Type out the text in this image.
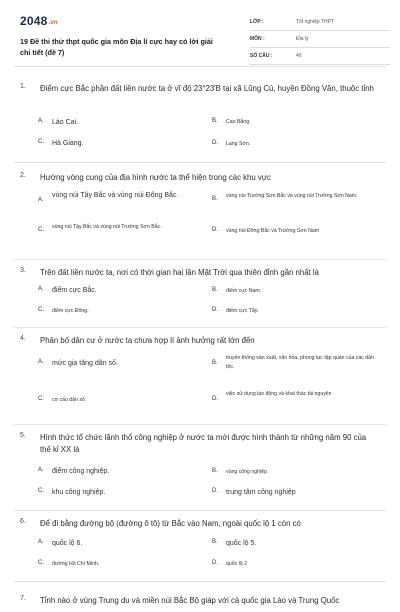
2048.vn
19 Đề thi thử thpt quốc gia môn Địa lí cực hay có lời giải chi tiết (đề 7)
LỚP :	Tốt nghiệp THPT
MÔN :	Địa lý
SỐ CÂU :	40
1. Điểm cực Bắc phần đất liền nước ta ở vĩ độ 23°23'B tại xã Lũng Cú, huyện Đồng Văn, thuộc tỉnh
A. Lào Cai.	B. Cao Bằng.
C. Hà Giang.	D. Lạng Sơn.
2. Hướng vòng cung của địa hình nước ta thể hiện trong các khu vực
A.
vùng núi Tây Bắc và vùng núi Đông Bắc.	B. vùng núi Trường Sơn Bắc và vùng núi Trường Sơn Nam.
C. vùng núi Tây Bắc và vùng núi Trường Sơn Bắc.	D. vùng núi Đông Bắc và Trường Sơn Nam
3. Trên đất liền nước ta, nơi có thời gian hai lần Mặt Trời qua thiên đỉnh gần nhất là
A. điểm cực Bắc.	B. điểm cực Nam.
C. điểm cực Đông.	D. điểm cực Tây.
4. Phân bố dân cư ở nước ta chưa hợp lí ảnh hưởng rất lớn đến
A. mức gia tăng dân số.	B.
truyền thống sản xuất, văn hóa, phong tục tập quán của các dân tộc.
C. cơ cấu dân số.	D.
việc sử dụng lao động và khai thác tài nguyên
5. Hình thức tổ chức lãnh thổ công nghiệp ở nước ta mới được hình thành từ những năm 90 của thế kỉ XX là
A. điểm công nghiệp.	B. vùng công nghiệp.
C. khu công nghiệp.	D. trung tâm công nghiệp
6. Để đi bằng đường bộ (đường ô tô) từ Bắc vào Nam, ngoài quốc lộ 1 còn có
A. quốc lộ 6.	B. quốc lộ 5.
C. đường Hồ Chí Minh.	D. quốc lộ 2
7. Tỉnh nào ở vùng Trung du và miền núi Bắc Bộ giáp với cả quốc gia Lào và Trung Quốc
